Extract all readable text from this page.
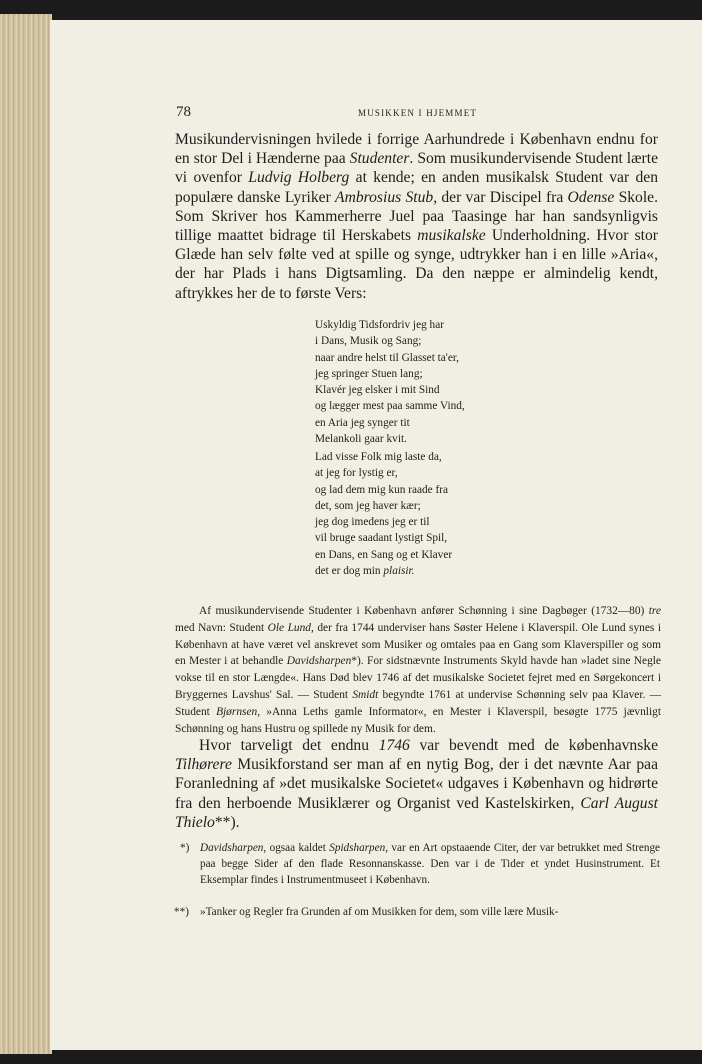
78	MUSIKKEN I HJEMMET

Musikundervisningen hvilede i forrige Aarhundrede i København endnu for en stor Del i Hænderne paa Studenter. Som musikundervisende Student lærte vi ovenfor Ludvig Holberg at kende; en anden musikalsk Student var den populære danske Lyriker Ambrosius Stub, der var Discipel fra Odense Skole. Som Skriver hos Kammerherre Juel paa Taasinge har han sandsynligvis tillige maattet bidrage til Herskabets musikalske Underholdning. Hvor stor Glæde han selv følte ved at spille og synge, udtrykker han i en lille »Aria«, der har Plads i hans Digtsamling. Da den næppe er almindelig kendt, aftrykkes her de to første Vers:

Uskyldig Tidsfordriv jeg har
i Dans, Musik og Sang;
naar andre helst til Glasset ta'er,
jeg springer Stuen lang;
Klavér jeg elsker i mit Sind
og lægger mest paa samme Vind,
en Aria jeg synger tit
Melankoli gaar kvit.
Lad visse Folk mig laste da,
at jeg for lystig er,
og lad dem mig kun raade fra
det, som jeg haver kær;
jeg dog imedens jeg er til
vil bruge saadant lystigt Spil,
en Dans, en Sang og et Klaver
det er dog min plaisir.

Af musikundervisende Studenter i København anfører Schønning i sine Dagbøger (1732—80) tre med Navn: Student Ole Lund, der fra 1744 underviser hans Søster Helene i Klaverspil. Ole Lund synes i København at have været vel anskrevet som Musiker og omtales paa en Gang som Klaverspiller og som en Mester i at behandle Davidsharpen*). For sidstnævnte Instruments Skyld havde han »ladet sine Negle vokse til en stor Længde«. Hans Død blev 1746 af det musikalske Societet fejret med en Sørgekoncert i Bryggernes Lavshus' Sal. — Student Smidt begyndte 1761 at undervise Schønning selv paa Klaver. — Student Bjørnsen, »Anna Leths gamle Informator«, en Mester i Klaverspil, besøgte 1775 jævnligt Schønning og hans Hustru og spillede ny Musik for dem.

Hvor tarveligt det endnu 1746 var bevendt med de københavnske Tilhørere Musikforstand ser man af en nytig Bog, der i det nævnte Aar paa Foranledning af »det musikalske Societet« udgaves i København og hidrørte fra den herboende Musiklærer og Organist ved Kastelskirken, Carl August Thielo**).

*) Davidsharpen, ogsaa kaldet Spidsharpen, var en Art opstaaende Citer, der var betrukket med Strenge paa begge Sider af den flade Resonnanskasse. Den var i de Tider et yndet Husinstrument. Et Eksemplar findes i Instrumentmuseet i København.

**) »Tanker og Regler fra Grunden af om Musikken for dem, som ville lære Musik-
